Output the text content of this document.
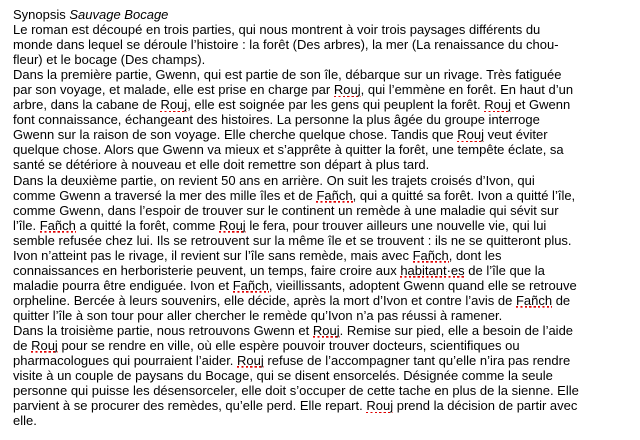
Synopsis Sauvage Bocage
Le roman est découpé en trois parties, qui nous montrent à voir trois paysages différents du
monde dans lequel se déroule l’histoire : la forêt (Des arbres), la mer (La renaissance du chou-
fleur) et le bocage (Des champs).
Dans la première partie, Gwenn, qui est partie de son île, débarque sur un rivage. Très fatiguée
par son voyage, et malade, elle est prise en charge par Rouj, qui l’emmène en forêt. En haut d’un
arbre, dans la cabane de Rouj, elle est soignée par les gens qui peuplent la forêt. Rouj et Gwenn
font connaissance, échangeant des histoires. La personne la plus âgée du groupe interroge
Gwenn sur la raison de son voyage. Elle cherche quelque chose. Tandis que Rouj veut éviter
quelque chose. Alors que Gwenn va mieux et s’apprête à quitter la forêt, une tempête éclate, sa
santé se détériore à nouveau et elle doit remettre son départ à plus tard.
Dans la deuxième partie, on revient 50 ans en arrière. On suit les trajets croisés d’Ivon, qui
comme Gwenn a traversé la mer des mille îles et de Fañch, qui a quitté sa forêt. Ivon a quitté l’île,
comme Gwenn, dans l’espoir de trouver sur le continent un remède à une maladie qui sévit sur
l’île. Fañch a quitté la forêt, comme Rouj le fera, pour trouver ailleurs une nouvelle vie, qui lui
semble refusée chez lui. Ils se retrouvent sur la même île et se trouvent : ils ne se quitteront plus.
Ivon n’atteint pas le rivage, il revient sur l’île sans remède, mais avec Fañch, dont les
connaissances en herboristerie peuvent, un temps, faire croire aux habitant·es de l’île que la
maladie pourra être endiguée. Ivon et Fañch, vieillissants, adoptent Gwenn quand elle se retrouve
orpheline. Bercée à leurs souvenirs, elle décide, après la mort d’Ivon et contre l’avis de Fañch de
quitter l’île à son tour pour aller chercher le remède qu’Ivon n’a pas réussi à ramener.
Dans la troisième partie, nous retrouvons Gwenn et Rouj. Remise sur pied, elle a besoin de l’aide
de Rouj pour se rendre en ville, où elle espère pouvoir trouver docteurs, scientifiques ou
pharmacologues qui pourraient l’aider. Rouj refuse de l’accompagner tant qu’elle n’ira pas rendre
visite à un couple de paysans du Bocage, qui se disent ensorcelés. Désignée comme la seule
personne qui puisse les désensorceler, elle doit s’occuper de cette tache en plus de la sienne. Elle
parvient à se procurer des remèdes, qu’elle perd. Elle repart. Rouj prend la décision de partir avec
elle.
